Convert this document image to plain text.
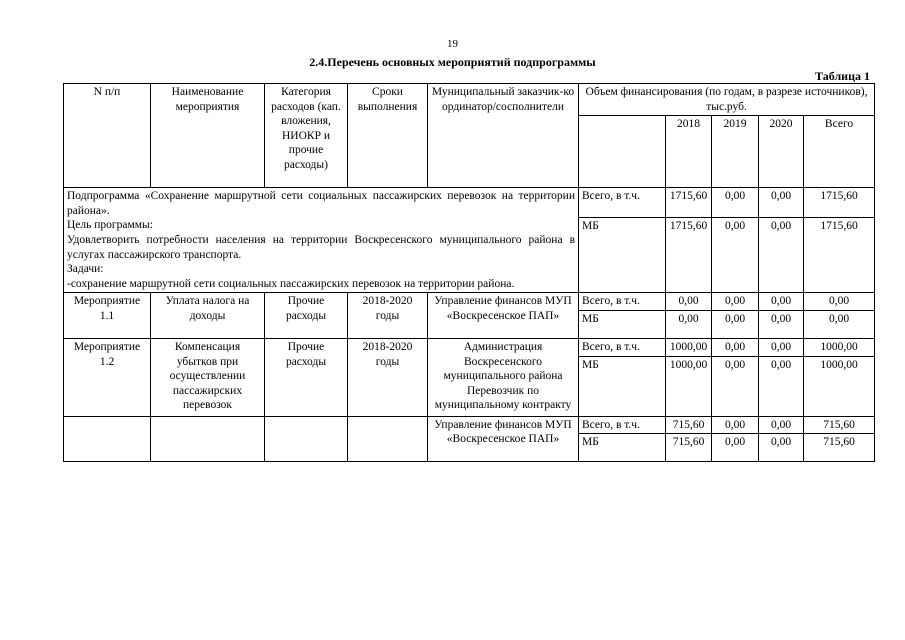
19
2.4.Перечень основных мероприятий подпрограммы
Таблица 1
N п/п	Наименование мероприятия	Категория расходов (кап. вложения, НИОКР и прочие расходы)	Сроки выполнения	Муниципальный заказчик-координатор/сосполнители	Объем финансирования (по годам, в разрезе источников), тыс.руб.				
						2018	2019	2020	Всего

Подпрограмма «Сохранение маршрутной сети социальных пассажирских перевозок на территории района».
Цель программы:
Удовлетворить потребности населения на территории Воскресенского муниципального района в услугах пассажирского транспорта.
Задачи:
-сохранение маршрутной сети социальных пассажирских перевозок на территории района.					Всего, в т.ч.	1715,60	0,00	0,00	1715,60
					МБ	1715,60	0,00	0,00	1715,60
Мероприятие 1.1	Уплата налога на доходы	Прочие расходы	2018-2020 годы	Управление финансов МУП «Воскресенское ПАП»	Всего, в т.ч.	0,00	0,00	0,00	0,00
					МБ	0,00	0,00	0,00	0,00
Мероприятие 1.2	Компенсация убытков при осуществлении пассажирских перевозок	Прочие расходы	2018-2020 годы	Администрация Воскресенского муниципального района Перевозчик по муниципальному контракту	Всего, в т.ч.	1000,00	0,00	0,00	1000,00
					МБ	1000,00	0,00	0,00	1000,00
				Управление финансов МУП «Воскресенское ПАП»	Всего, в т.ч.	715,60	0,00	0,00	715,60
					МБ	715,60	0,00	0,00	715,60
